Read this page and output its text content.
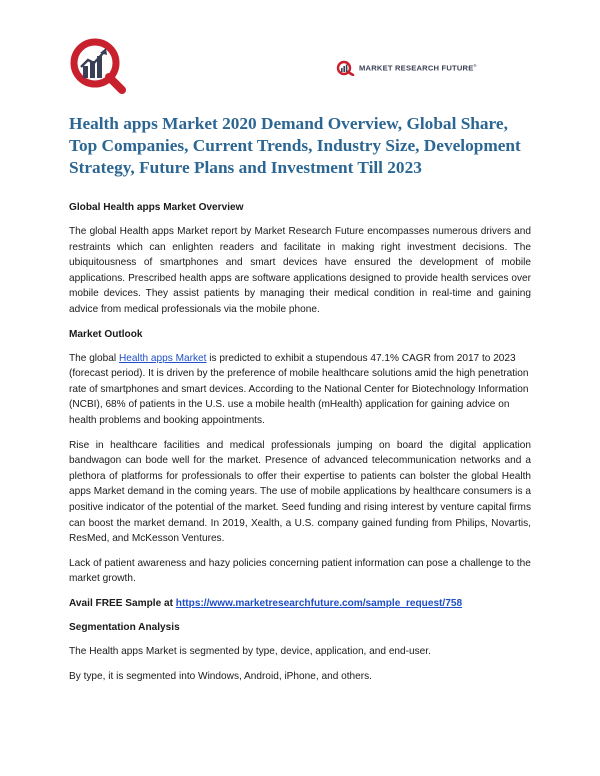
MARKET RESEARCH FUTURE®
Health apps Market 2020 Demand Overview, Global Share, Top Companies, Current Trends, Industry Size, Development Strategy, Future Plans and Investment Till 2023
Global Health apps Market Overview

The global Health apps Market report by Market Research Future encompasses numerous drivers and restraints which can enlighten readers and facilitate in making right investment decisions. The ubiquitousness of smartphones and smart devices have ensured the development of mobile applications. Prescribed health apps are software applications designed to provide health services over mobile devices. They assist patients by managing their medical condition in real-time and gaining advice from medical professionals via the mobile phone.

Market Outlook

The global Health apps Market is predicted to exhibit a stupendous 47.1% CAGR from 2017 to 2023 (forecast period). It is driven by the preference of mobile healthcare solutions amid the high penetration rate of smartphones and smart devices. According to the National Center for Biotechnology Information (NCBI), 68% of patients in the U.S. use a mobile health (mHealth) application for gaining advice on health problems and booking appointments.

Rise in healthcare facilities and medical professionals jumping on board the digital application bandwagon can bode well for the market. Presence of advanced telecommunication networks and a plethora of platforms for professionals to offer their expertise to patients can bolster the global Health apps Market demand in the coming years. The use of mobile applications by healthcare consumers is a positive indicator of the potential of the market. Seed funding and rising interest by venture capital firms can boost the market demand. In 2019, Xealth, a U.S. company gained funding from Philips, Novartis, ResMed, and McKesson Ventures.

Lack of patient awareness and hazy policies concerning patient information can pose a challenge to the market growth.

Avail FREE Sample at https://www.marketresearchfuture.com/sample_request/758
Segmentation Analysis

The Health apps Market is segmented by type, device, application, and end-user.

By type, it is segmented into Windows, Android, iPhone, and others.
